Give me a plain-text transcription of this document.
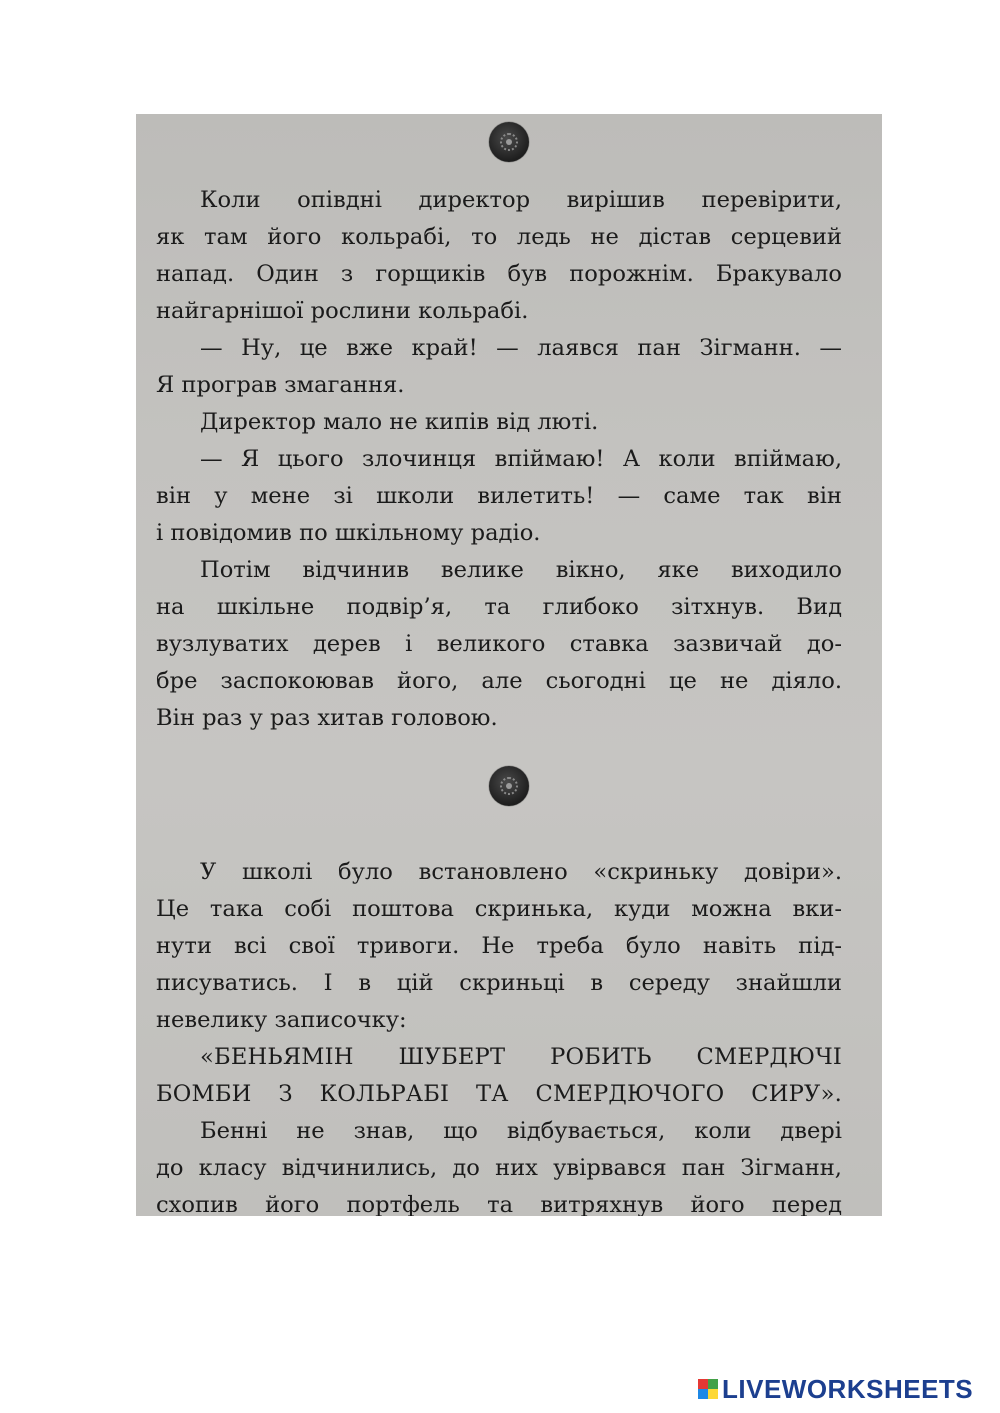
Коли опівдні директор вирішив перевірити,
як там його кольрабі, то ледь не дістав серцевий
напад. Один з горщиків був порожнім. Бракувало
найгарнішої рослини кольрабі.
— Ну, це вже край! — лаявся пан Зігманн. —
Я програв змагання.
Директор мало не кипів від люті.
— Я цього злочинця впіймаю! А коли впіймаю,
він у мене зі школи вилетить! — саме так він
і повідомив по шкільному радіо.
Потім відчинив велике вікно, яке виходило
на шкільне подвір’я, та глибоко зітхнув. Вид
вузлуватих дерев і великого ставка зазвичай до-
бре заспокоював його, але сьогодні це не діяло.
Він раз у раз хитав головою.
У школі було встановлено «скриньку довіри».
Це така собі поштова скринька, куди можна вки-
нути всі свої тривоги. Не треба було навіть під-
писуватись. І в цій скриньці в середу знайшли
невелику записочку:
«БЕНЬЯМІН ШУБЕРТ РОБИТЬ СМЕРДЮЧІ
БОМБИ З КОЛЬРАБІ ТА СМЕРДЮЧОГО СИРУ».
Бенні не знав, що відбувається, коли двері
до класу відчинились, до них увірвався пан Зігманн,
схопив його портфель та витряхнув його перед
LIVEWORKSHEETS
